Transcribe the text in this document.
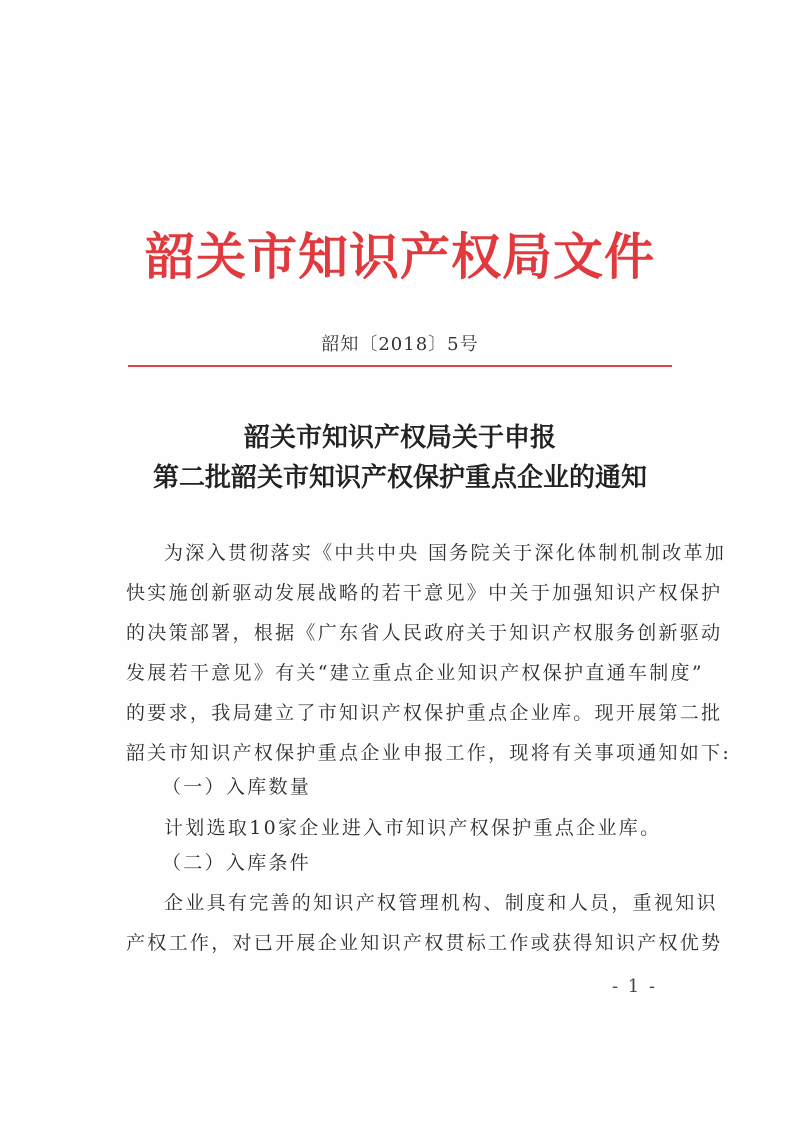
韶关市知识产权局文件
韶知〔2018〕5号
韶关市知识产权局关于申报
第二批韶关市知识产权保护重点企业的通知
为深入贯彻落实《中共中央 国务院关于深化体制机制改革加
快实施创新驱动发展战略的若干意见》中关于加强知识产权保护
的决策部署，根据《广东省人民政府关于知识产权服务创新驱动
发展若干意见》有关“建立重点企业知识产权保护直通车制度”
的要求，我局建立了市知识产权保护重点企业库。现开展第二批
韶关市知识产权保护重点企业申报工作，现将有关事项通知如下:
（一）入库数量
计划选取10家企业进入市知识产权保护重点企业库。
（二）入库条件
企业具有完善的知识产权管理机构、制度和人员，重视知识
产权工作，对已开展企业知识产权贯标工作或获得知识产权优势
- 1 -
